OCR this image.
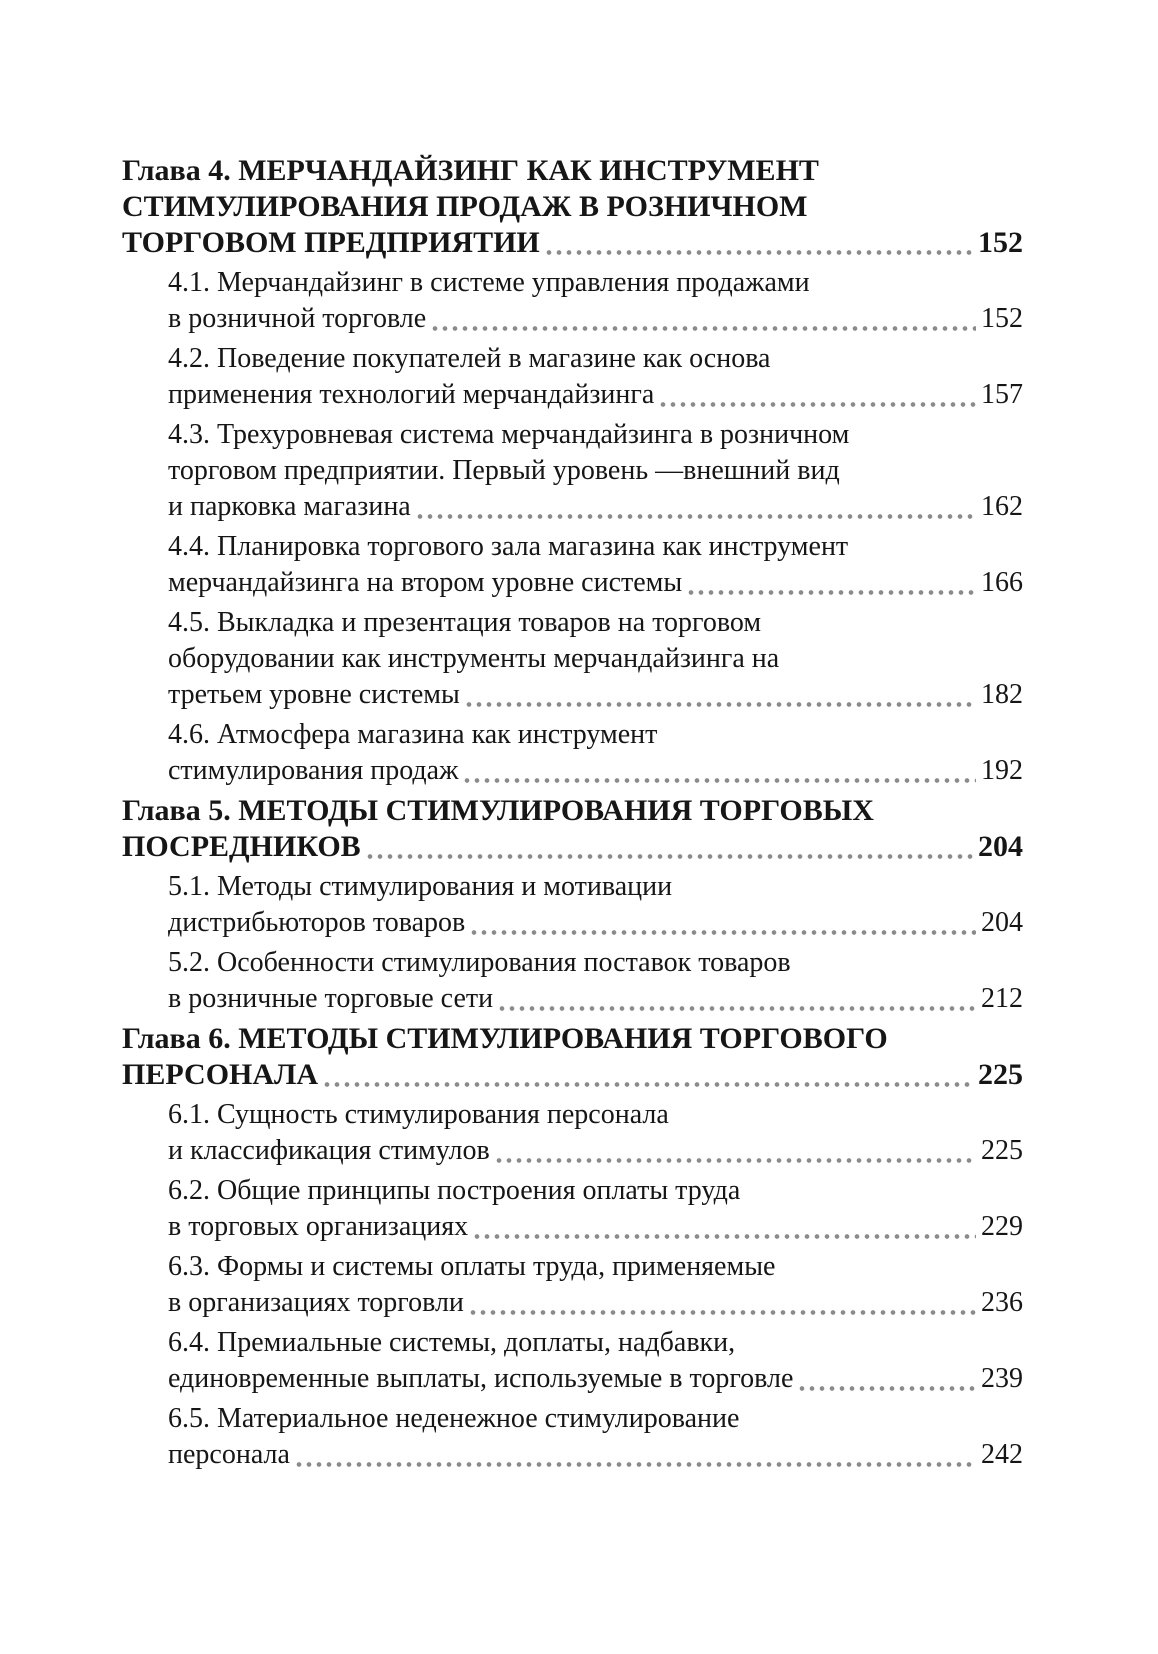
Глава 4. МЕРЧАНДАЙЗИНГ КАК ИНСТРУМЕНТ
СТИМУЛИРОВАНИЯ ПРОДАЖ В РОЗНИЧНОМ
ТОРГОВОМ ПРЕДПРИЯТИИ	152
4.1. Мерчандайзинг в системе управления продажами
в розничной торговле	152
4.2. Поведение покупателей в магазине как основа
применения технологий мерчандайзинга	157
4.3. Трехуровневая система мерчандайзинга в розничном
торговом предприятии. Первый уровень —внешний вид
и парковка магазина	162
4.4. Планировка торгового зала магазина как инструмент
мерчандайзинга на втором уровне системы	166
4.5. Выкладка и презентация товаров на торговом
оборудовании как инструменты мерчандайзинга на
третьем уровне системы	182
4.6. Атмосфера магазина как инструмент
стимулирования продаж	192
Глава 5. МЕТОДЫ СТИМУЛИРОВАНИЯ ТОРГОВЫХ
ПОСРЕДНИКОВ	204
5.1. Методы стимулирования и мотивации
дистрибьюторов товаров	204
5.2. Особенности стимулирования поставок товаров
в розничные торговые сети	212
Глава 6. МЕТОДЫ СТИМУЛИРОВАНИЯ ТОРГОВОГО
ПЕРСОНАЛА	225
6.1. Сущность стимулирования персонала
и классификация стимулов	225
6.2. Общие принципы построения оплаты труда
в торговых организациях	229
6.3. Формы и системы оплаты труда, применяемые
в организациях торговли	236
6.4. Премиальные системы, доплаты, надбавки,
единовременные выплаты, используемые в торговле	239
6.5. Материальное неденежное стимулирование
персонала	242
